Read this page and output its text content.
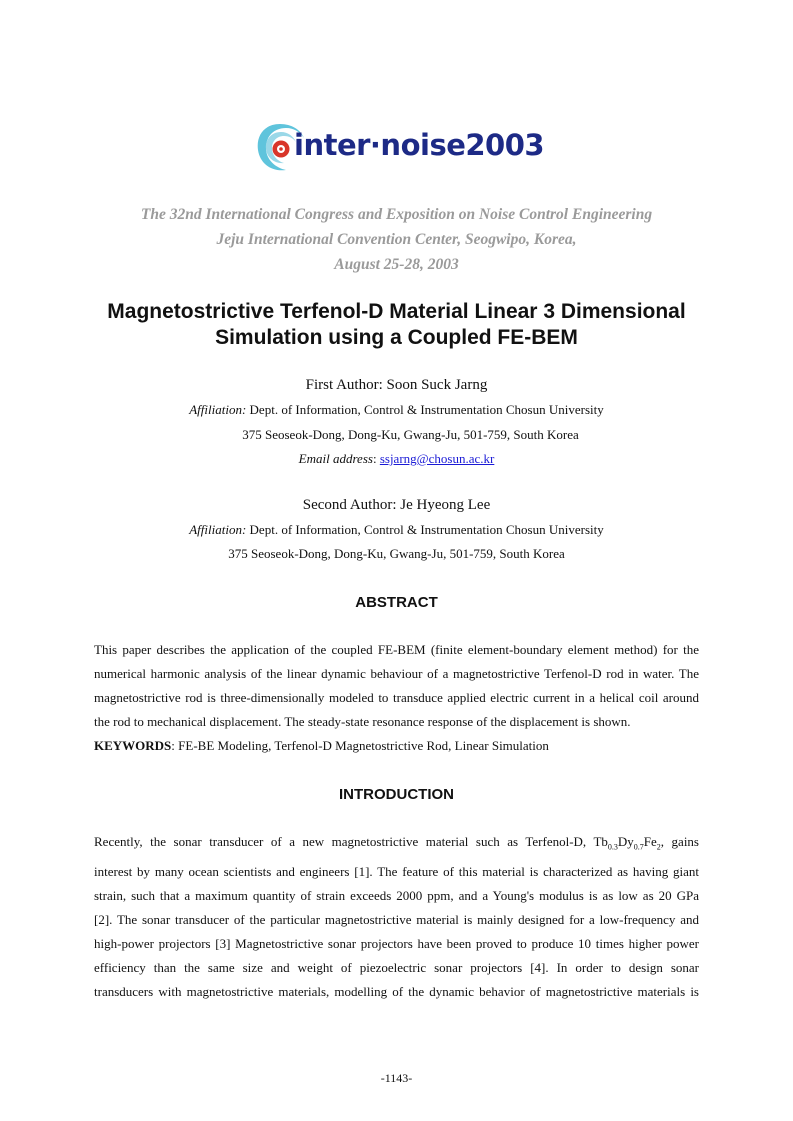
inter·noise2003
The 32nd International Congress and Exposition on Noise Control Engineering
Jeju International Convention Center, Seogwipo, Korea,
August 25-28, 2003
Magnetostrictive Terfenol-D Material Linear 3 Dimensional
Simulation using a Coupled FE-BEM
First Author: Soon Suck Jarng
Affiliation: Dept. of Information, Control & Instrumentation Chosun University
375 Seoseok-Dong, Dong-Ku, Gwang-Ju, 501-759, South Korea
Email address: ssjarng@chosun.ac.kr
Second Author: Je Hyeong Lee
Affiliation: Dept. of Information, Control & Instrumentation Chosun University
375 Seoseok-Dong, Dong-Ku, Gwang-Ju, 501-759, South Korea
ABSTRACT
This paper describes the application of the coupled FE-BEM (finite element-boundary element method) for the
numerical harmonic analysis of the linear dynamic behaviour of a magnetostrictive Terfenol-D rod in water. The
magnetostrictive rod is three-dimensionally modeled to transduce applied electric current in a helical coil around
the rod to mechanical displacement. The steady-state resonance response of the displacement is shown.
KEYWORDS: FE-BE Modeling, Terfenol-D Magnetostrictive Rod, Linear Simulation
INTRODUCTION
Recently, the sonar transducer of a new magnetostrictive material such as Terfenol-D, $Tb_{0.3}Dy_{0.7}Fe_2$, gains
interest by many ocean scientists and engineers [1]. The feature of this material is characterized as having giant
strain, such that a maximum quantity of strain exceeds 2000 ppm, and a Young's modulus is as low as 20 GPa
[2]. The sonar transducer of the particular magnetostrictive material is mainly designed for a low-frequency and
high-power projectors [3] Magnetostrictive sonar projectors have been proved to produce 10 times higher power
efficiency than the same size and weight of piezoelectric sonar projectors [4]. In order to design sonar
transducers with magnetostrictive materials, modelling of the dynamic behavior of magnetostrictive materials is
-1143-
